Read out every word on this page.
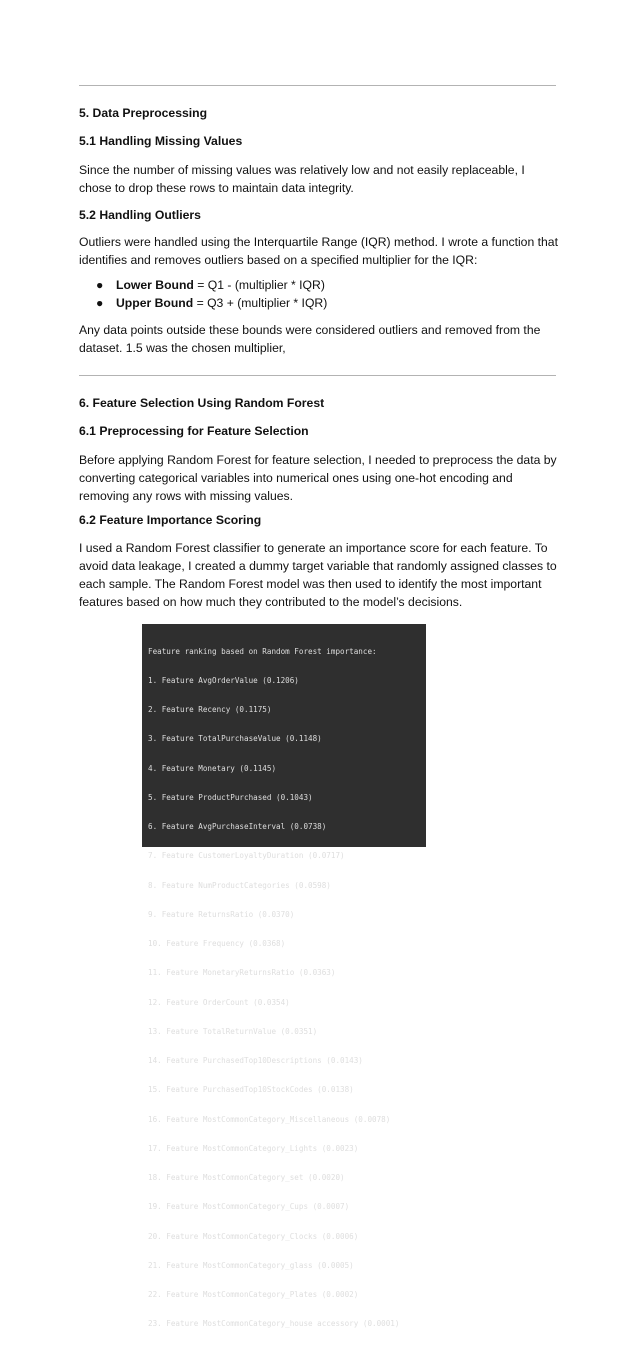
5. Data Preprocessing
5.1 Handling Missing Values

Since the number of missing values was relatively low and not easily replaceable, I chose to drop these rows to maintain data integrity.

5.2 Handling Outliers

Outliers were handled using the Interquartile Range (IQR) method. I wrote a function that identifies and removes outliers based on a specified multiplier for the IQR:

● Lower Bound = Q1 - (multiplier * IQR)
● Upper Bound = Q3 + (multiplier * IQR)

Any data points outside these bounds were considered outliers and removed from the dataset. 1.5 was the chosen multiplier,

6. Feature Selection Using Random Forest
6.1 Preprocessing for Feature Selection

Before applying Random Forest for feature selection, I needed to preprocess the data by converting categorical variables into numerical ones using one-hot encoding and removing any rows with missing values.

6.2 Feature Importance Scoring

I used a Random Forest classifier to generate an importance score for each feature. To avoid data leakage, I created a dummy target variable that randomly assigned classes to each sample. The Random Forest model was then used to identify the most important features based on how much they contributed to the model’s decisions.

Feature ranking based on Random Forest importance:

1. Feature AvgOrderValue (0.1206)

2. Feature Recency (0.1175)

3. Feature TotalPurchaseValue (0.1148)

4. Feature Monetary (0.1145)

5. Feature ProductPurchased (0.1043)

6. Feature AvgPurchaseInterval (0.0738)

7. Feature CustomerLoyaltyDuration (0.0717)

8. Feature NumProductCategories (0.0598)

9. Feature ReturnsRatio (0.0370)

10. Feature Frequency (0.0368)

11. Feature MonetaryReturnsRatio (0.0363)

12. Feature OrderCount (0.0354)

13. Feature TotalReturnValue (0.0351)

14. Feature PurchasedTop10Descriptions (0.0143)

15. Feature PurchasedTop10StockCodes (0.0138)

16. Feature MostCommonCategory_Miscellaneous (0.0078)

17. Feature MostCommonCategory_Lights (0.0023)

18. Feature MostCommonCategory_set (0.0020)

19. Feature MostCommonCategory_Cups (0.0007)

20. Feature MostCommonCategory_Clocks (0.0006)

21. Feature MostCommonCategory_glass (0.0005)

22. Feature MostCommonCategory_Plates (0.0002)

23. Feature MostCommonCategory_house accessory (0.0001)
